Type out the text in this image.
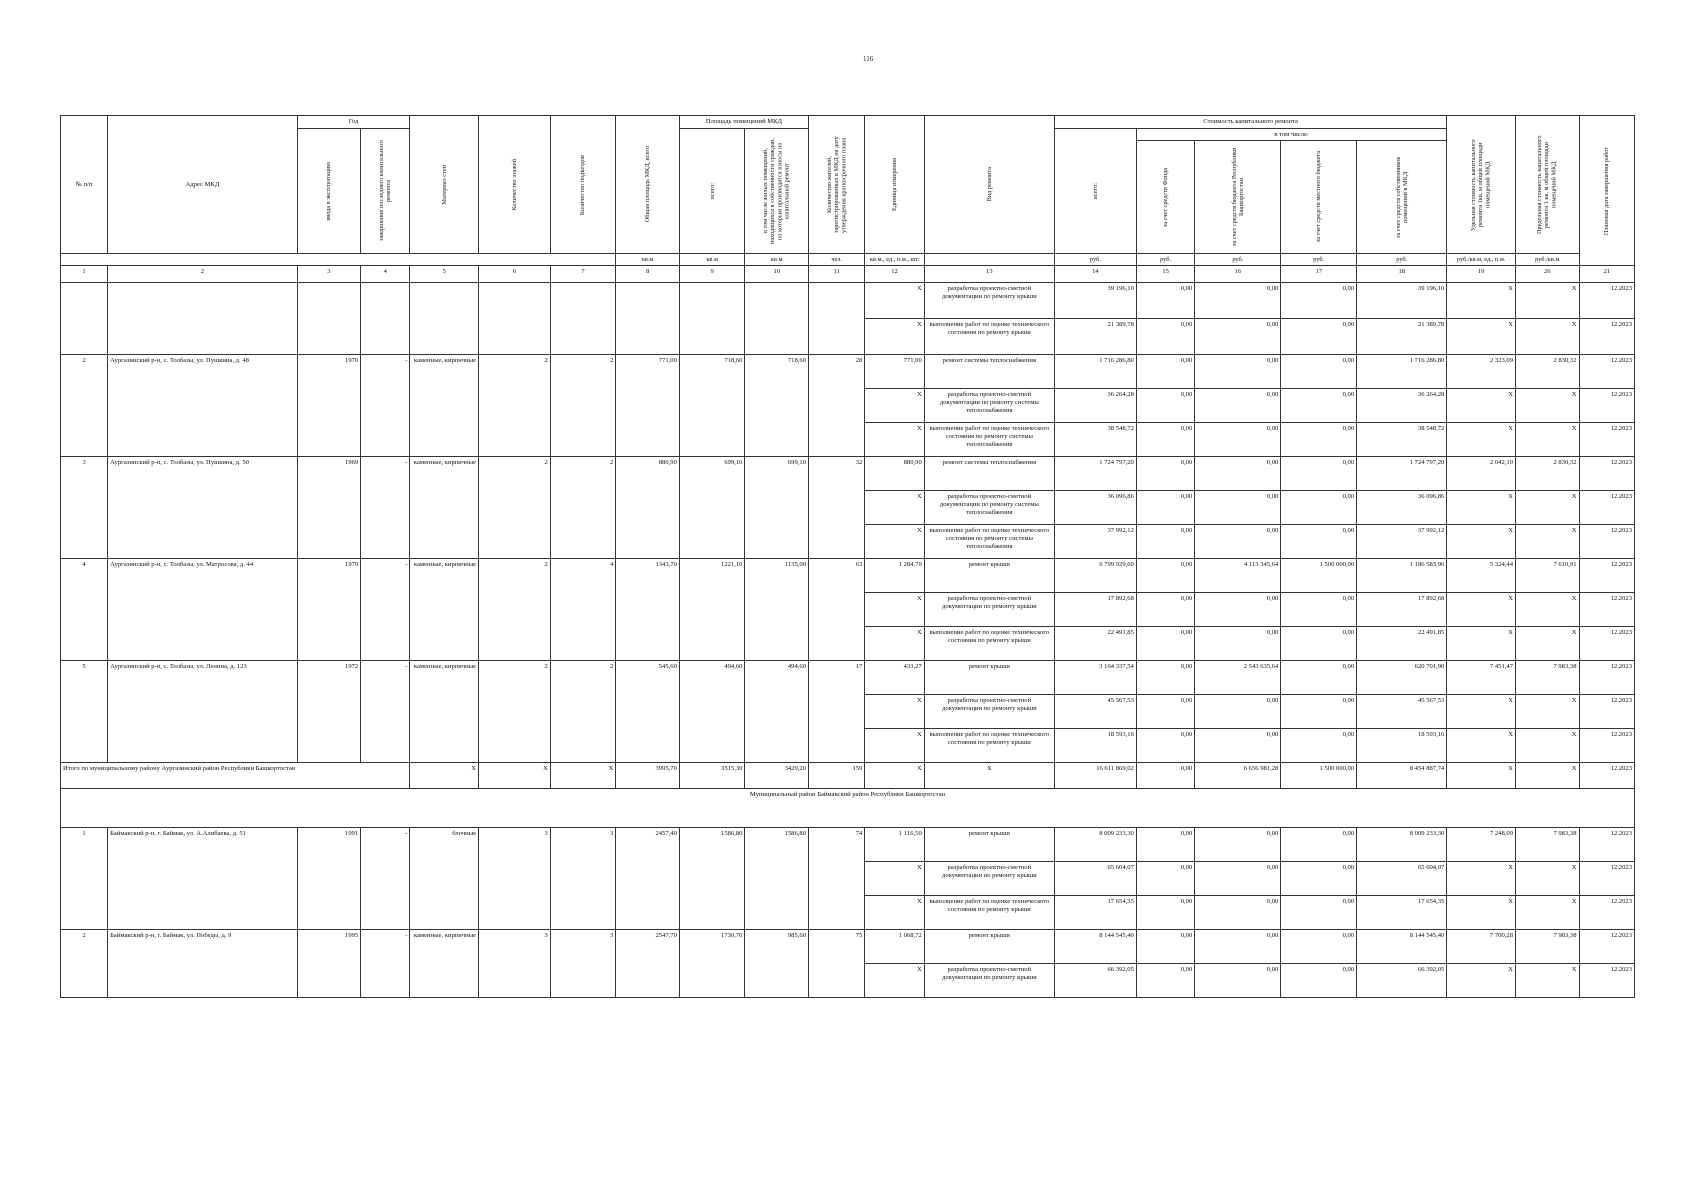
116
№ п/п	Адрес МКД	Год		Материал стен	Количество этажей	Количество подъездов	Общая площадь МКД, всего	Площадь помещений МКД		Количество жителей, зарегистрированных в МКД на дату утверждения краткосрочного плана	Единица измерения	Вид ремонта	Стоимость капитального ремонта					Удельная стоимость капитального ремонта 1кв. м общей площади помещений МКД	Предельная стоимость капитального ремонта 1 кв. м общей площади помещений МКД	Плановая дата завершения работ

		ввода в эксплуатацию	завершение последнего капитального ремонта					всего:	в том числе жилых помещений, находящихся в собственности граждан, по которым производятся взносы на капитальный ремонт				всего:	в том числе:						

														за счет средств Фонда	за счет средств бюджета Республики Башкортостан	за счет средств местного бюджета	за счет средств собственников помещений в МКД			

							кв.м	кв.м	кв.м	чел.	кв.м., ед., п.м., шт.		руб.	руб.	руб.	руб.	руб.	руб./кв.м, ед., п.м.	руб./кв.м	
1	2	3	4	5	6	7	8	9	10	11	12	13	14	15	16	17	18	19	20	21
											X	разработка проектно-сметной документации по ремонту крыши	39 196,10	0,00	0,00	0,00	39 196,10	X	X	12.2023
											X	выполнение работ по оценке технического состояния по ремонту крыши	21 389,78	0,00	0,00	0,00	21 389,78	X	X	12.2023
2	Аургазинский р-н, с. Толбазы, ул. Пушкина, д. 48	1970	-	каменные, кирпичные	2	2	771,00	718,60	718,60	28	771,00	ремонт системы теплоснабжения	1 716 286,80	0,00	0,00	0,00	1 716 286,80	2 323,09	2 830,32	12.2023
											X	разработка проектно-сметной документации по ремонту системы теплоснабжения	36 264,28	0,00	0,00	0,00	36 264,28	X	X	12.2023
											X	выполнение работ по оценке технического состояния по ремонту системы теплоснабжения	38 548,72	0,00	0,00	0,00	38 548,72	X	X	12.2023
3	Аургазинский р-н, с. Толбазы, ул. Пушкина, д. 50	1969	-	каменные, кирпичные	2	2	880,90	699,10	699,10	32	880,90	ремонт системы теплоснабжения	1 724 797,20	0,00	0,00	0,00	1 724 797,20	2 042,10	2 830,32	12.2023
											X	разработка проектно-сметной документации по ремонту системы теплоснабжения	36 096,86	0,00	0,00	0,00	36 096,86	X	X	12.2023
											X	выполнение работ по оценке технического состояния по ремонту системы теплоснабжения	37 992,12	0,00	0,00	0,00	37 992,12	X	X	12.2023
4	Аургазинский р-н, с. Толбазы, ул. Матросова, д. 44	1979	-	каменные, кирпичные	2	4	1343,70	1221,10	1135,00	63	1 284,70	ремонт крыши	6 799 929,60	0,00	4 113 345,64	1 500 000,00	1 186 583,96	5 324,44	7 610,91	12.2023
											X	разработка проектно-сметной документации по ремонту крыши	17 892,68	0,00	0,00	0,00	17 892,68	X	X	12.2023
											X	выполнение работ по оценке технического состояния по ремонту крыши	22 491,85	0,00	0,00	0,00	22 491,85	X	X	12.2023
5	Аургазинский р-н, с. Толбазы, ул. Ленина, д. 123	1972	-	каменные, кирпичные	2	2	545,60	494,60	494,60	17	433,27	ремонт крыши	3 164 337,54	0,00	2 543 635,64	0,00	620 701,90	7 451,47	7 983,38	12.2023
											X	разработка проектно-сметной документации по ремонту крыши	45 567,53	0,00	0,00	0,00	45 567,53	X	X	12.2023
											X	выполнение работ по оценке технического состояния по ремонту крыши	18 593,16	0,00	0,00	0,00	18 593,16	X	X	12.2023
Итого по муниципальному району Аургазинский район Республики Башкортостан				X	X	X	3995,70	3515,30	3429,20	159	X	X	16 611 869,02	0,00	6 656 981,28	1 500 000,00	8 454 887,74	X	X	12.2023
Муниципальный район Баймакский район Республики Башкортостан																				
1	Баймакский р-н, г. Баймак, ул. А.Алибаева, д. 51	1991	-	блочные	3	3	2457,40	1586,80	1586,80	74	1 116,50	ремонт крыши	8 009 233,30	0,00	0,00	0,00	8 009 233,30	7 248,09	7 983,38	12.2023
											X	разработка проектно-сметной документации по ремонту крыши	65 604,07	0,00	0,00	0,00	65 604,07	X	X	12.2023
											X	выполнение работ по оценке технического состояния по ремонту крыши	17 654,35	0,00	0,00	0,00	17 654,35	X	X	12.2023
2	Баймакский р-н, г. Баймак, ул. Победы, д. 9	1995	-	каменные, кирпичные	3	3	2547,70	1730,70	985,60	75	1 068,72	ремонт крыши	8 144 545,40	0,00	0,00	0,00	8 144 545,40	7 700,28	7 983,38	12.2023
											X	разработка проектно-сметной документации по ремонту крыши	66 392,05	0,00	0,00	0,00	66 392,05	X	X	12.2023
